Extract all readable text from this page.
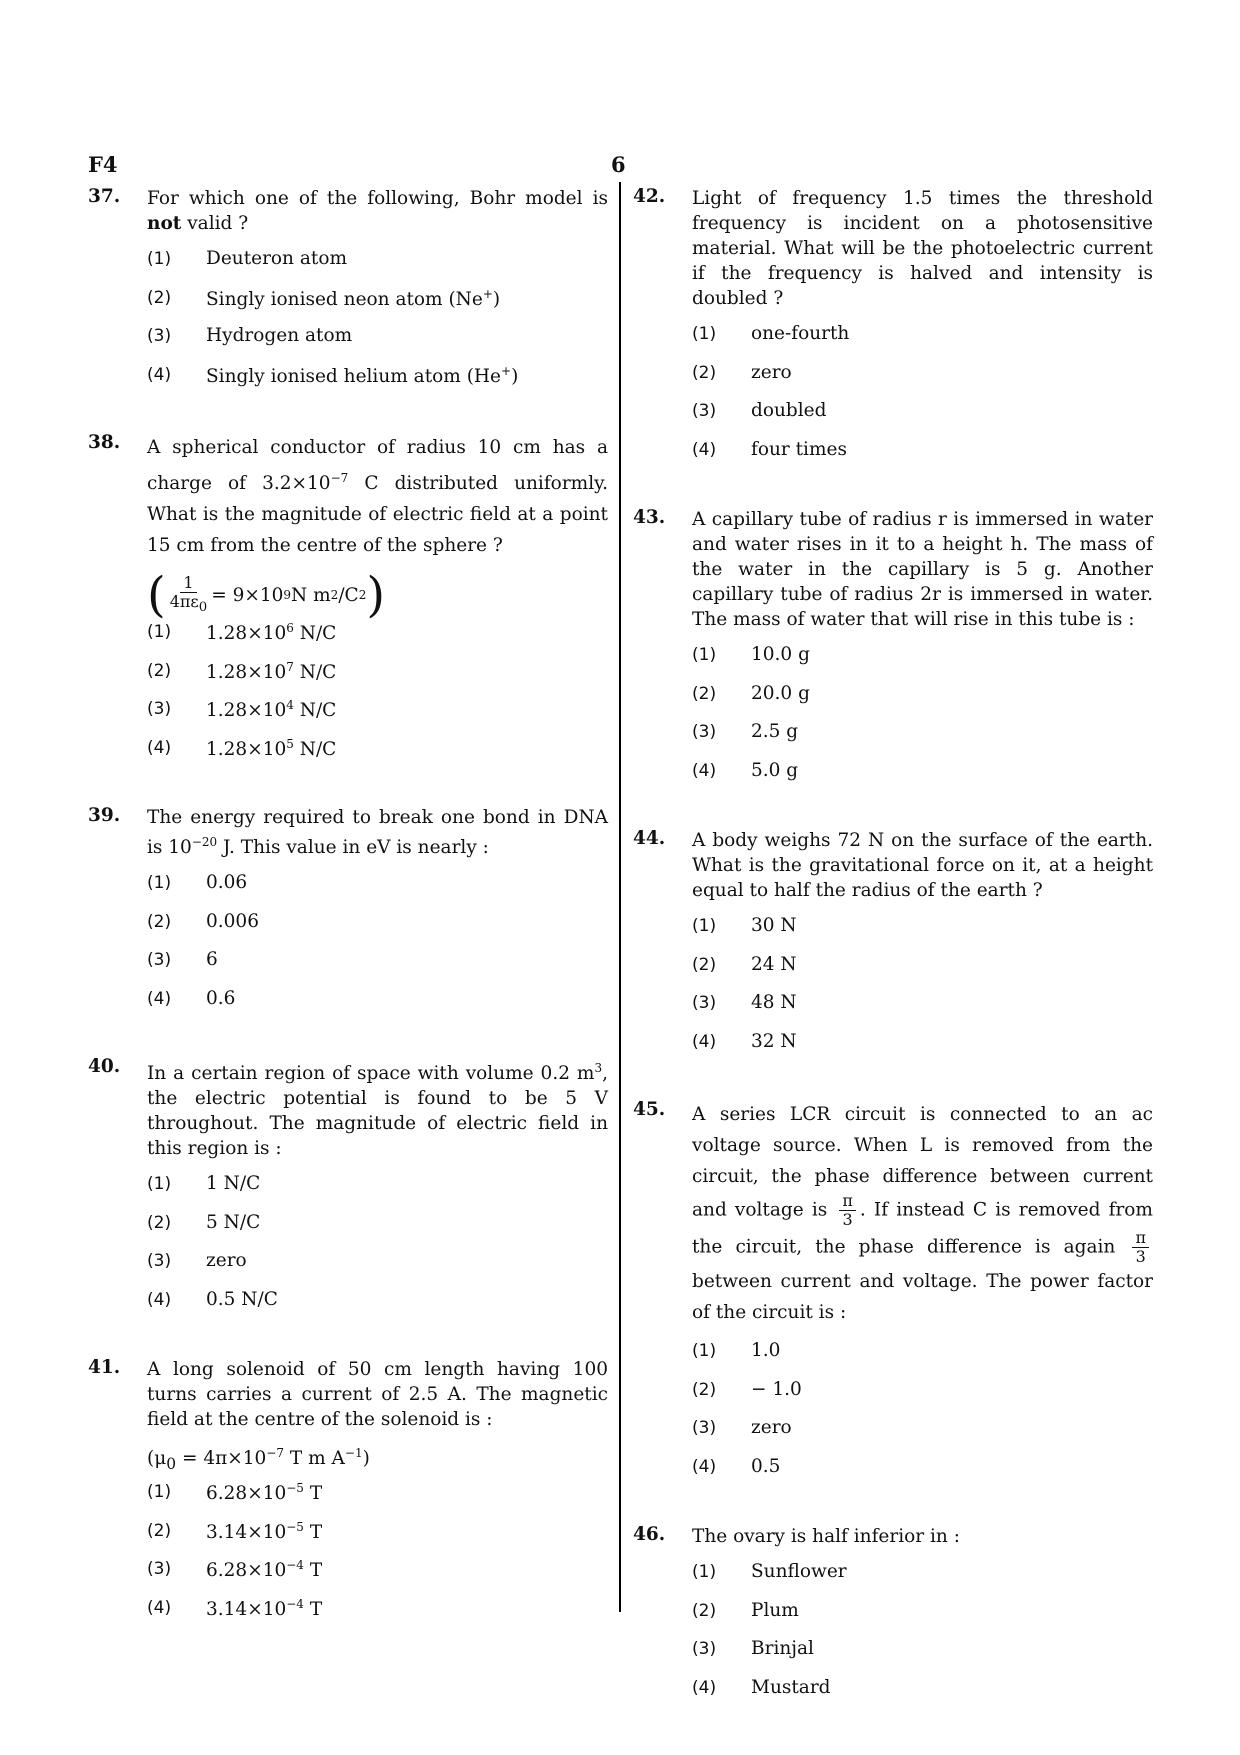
F4	6
37. For which one of the following, Bohr model is not valid ?
(1)	Deuteron atom
(2)	Singly ionised neon atom (Ne+)
(3)	Hydrogen atom
(4)	Singly ionised helium atom (He+)
38. A spherical conductor of radius 10 cm has a charge of $3.2\times 10^{-7}$ C distributed uniformly. What is the magnitude of electric field at a point 15 cm from the centre of the sphere ?
( $\frac{1}{4\pi\varepsilon_0} = 9\times 10$ 9 N m 2 /C 2 )
(1)	$1.28\times 10^6$ N/C
(2)	$1.28\times 10^7$ N/C
(3)	$1.28\times 10^4$ N/C
(4)	$1.28\times 10^5$ N/C
39. The energy required to break one bond in DNA is $10^{-20}$ J. This value in eV is nearly :
(1)	0.06
(2)	0.006
(3)	6
(4)	0.6
40. In a certain region of space with volume 0.2 $m^3$, the electric potential is found to be 5 V throughout. The magnitude of electric field in this region is :
(1)	1 N/C
(2)	5 N/C
(3)	zero
(4)	0.5 N/C
41. A long solenoid of 50 cm length having 100 turns carries a current of 2.5 A. The magnetic field at the centre of the solenoid is :
($\mu_0 = 4\pi\times 10^{-7}$ T m $A^{-1}$)
(1)	$6.28\times 10^{-5}$ T
(2)	$3.14\times 10^{-5}$ T
(3)	$6.28\times 10^{-4}$ T
(4)	$3.14\times 10^{-4}$ T
42. Light of frequency 1.5 times the threshold frequency is incident on a photosensitive material. What will be the photoelectric current if the frequency is halved and intensity is doubled ?
(1)	one-fourth
(2)	zero
(3)	doubled
(4)	four times
43. A capillary tube of radius r is immersed in water and water rises in it to a height h. The mass of the water in the capillary is 5 g. Another capillary tube of radius 2r is immersed in water. The mass of water that will rise in this tube is :
(1)	10.0 g
(2)	20.0 g
(3)	2.5 g
(4)	5.0 g
44. A body weighs 72 N on the surface of the earth. What is the gravitational force on it, at a height equal to half the radius of the earth ?
(1)	30 N
(2)	24 N
(3)	48 N
(4)	32 N
45. A series LCR circuit is connected to an ac voltage source. When L is removed from the circuit, the phase difference between current and voltage is $\frac{\pi}{3}$ . If instead C is removed from the circuit, the phase difference is again $\frac{\pi}{3}$
between current and voltage. The power factor of the circuit is :
(1)	1.0
(2)	− 1.0
(3)	zero
(4)	0.5
46. The ovary is half inferior in :
(1)	Sunflower
(2)	Plum
(3)	Brinjal
(4)	Mustard
